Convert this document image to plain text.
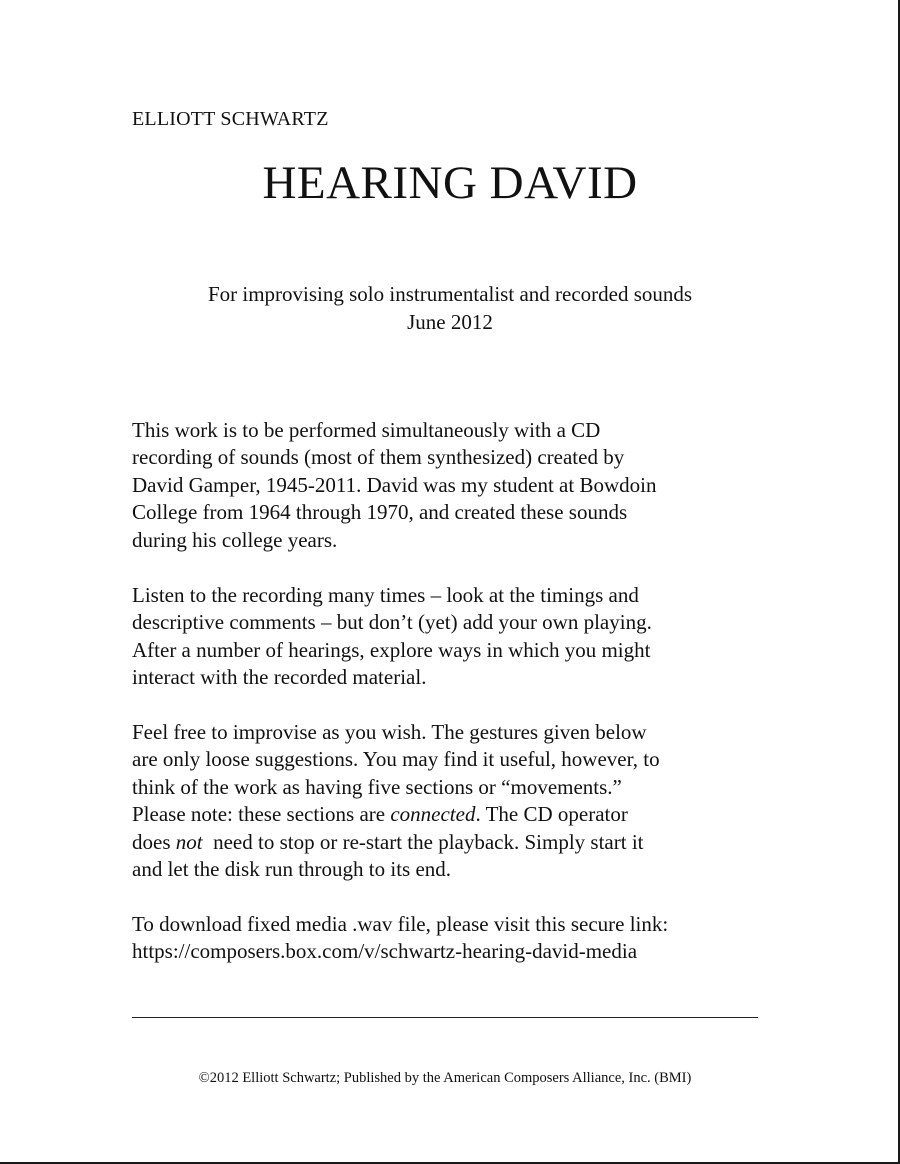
ELLIOTT SCHWARTZ
HEARING DAVID
For improvising solo instrumentalist and recorded sounds
June 2012
This work is to be performed simultaneously with a CD
recording of sounds (most of them synthesized) created by
David Gamper, 1945-2011. David was my student at Bowdoin
College from 1964 through 1970, and created these sounds
during his college years.
Listen to the recording many times – look at the timings and
descriptive comments – but don’t (yet) add your own playing.
After a number of hearings, explore ways in which you might
interact with the recorded material.
Feel free to improvise as you wish. The gestures given below
are only loose suggestions. You may find it useful, however, to
think of the work as having five sections or “movements.”
Please note: these sections are connected. The CD operator
does not  need to stop or re-start the playback. Simply start it
and let the disk run through to its end.
To download fixed media .wav file, please visit this secure link:
https://composers.box.com/v/schwartz-hearing-david-media
©2012 Elliott Schwartz; Published by the American Composers Alliance, Inc. (BMI)
